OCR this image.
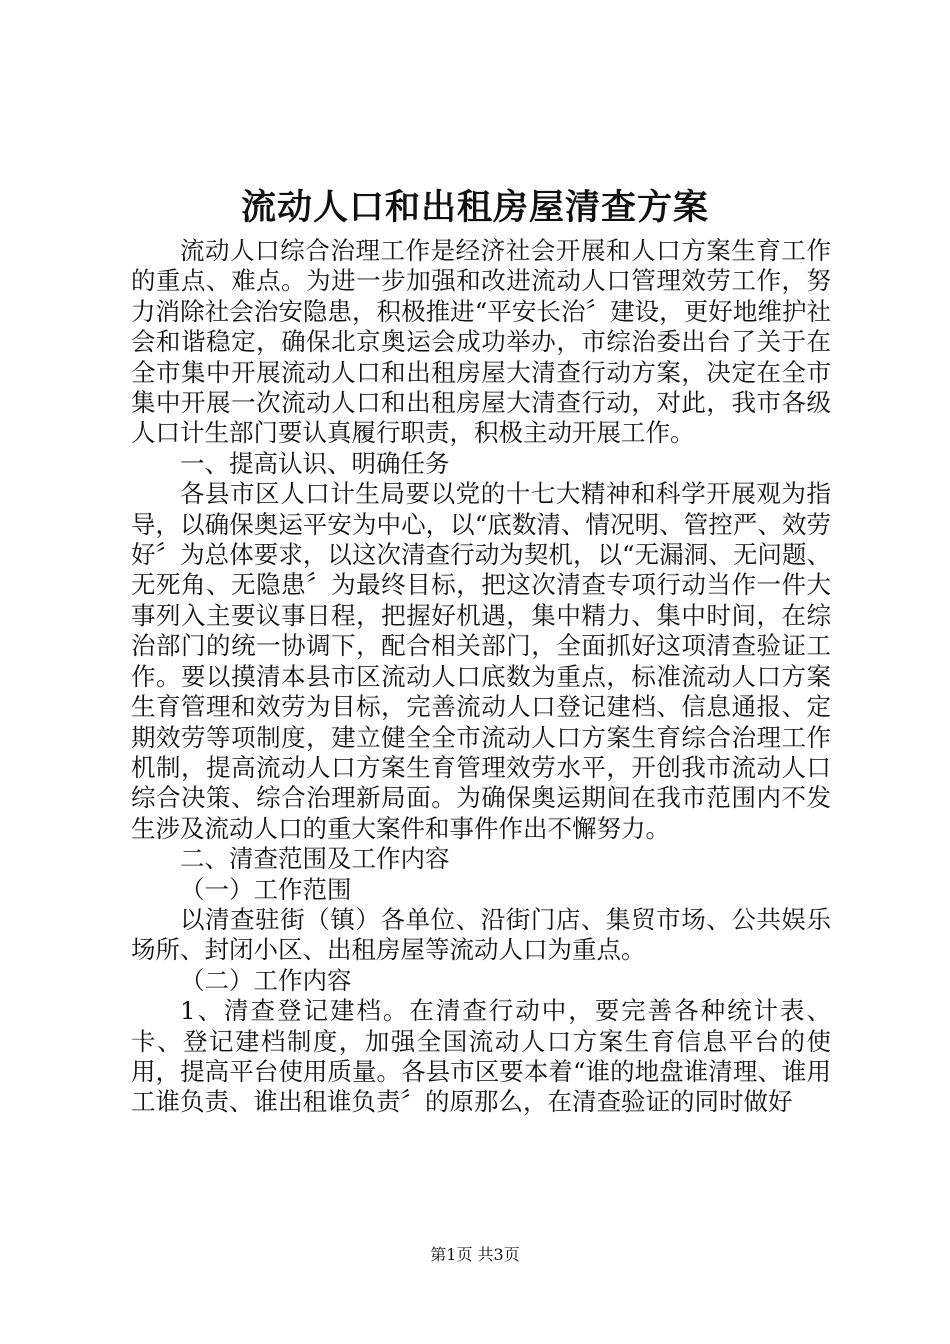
流动人口和出租房屋清查方案

流动人口综合治理工作是经济社会开展和人口方案生育工作的重点、难点。为进一步加强和改进流动人口管理效劳工作，努力消除社会治安隐患，积极推进“平安长治〞建设，更好地维护社会和谐稳定，确保北京奥运会成功举办，市综治委出台了关于在全市集中开展流动人口和出租房屋大清查行动方案，决定在全市集中开展一次流动人口和出租房屋大清查行动，对此，我市各级人口计生部门要认真履行职责，积极主动开展工作。

一、提高认识、明确任务

各县市区人口计生局要以党的十七大精神和科学开展观为指导，以确保奥运平安为中心，以“底数清、情况明、管控严、效劳好〞为总体要求，以这次清查行动为契机，以“无漏洞、无问题、无死角、无隐患〞为最终目标，把这次清查专项行动当作一件大事列入主要议事日程，把握好机遇，集中精力、集中时间，在综治部门的统一协调下，配合相关部门，全面抓好这项清查验证工作。要以摸清本县市区流动人口底数为重点，标准流动人口方案生育管理和效劳为目标，完善流动人口登记建档、信息通报、定期效劳等项制度，建立健全全市流动人口方案生育综合治理工作机制，提高流动人口方案生育管理效劳水平，开创我市流动人口综合决策、综合治理新局面。为确保奥运期间在我市范围内不发生涉及流动人口的重大案件和事件作出不懈努力。

二、清查范围及工作内容

（一）工作范围

以清查驻街（镇）各单位、沿街门店、集贸市场、公共娱乐场所、封闭小区、出租房屋等流动人口为重点。

（二）工作内容

1、清查登记建档。在清查行动中，要完善各种统计表、卡、登记建档制度，加强全国流动人口方案生育信息平台的使用，提高平台使用质量。各县市区要本着“谁的地盘谁清理、谁用工谁负责、谁出租谁负责〞的原那么，在清查验证的同时做好

第1页 共3页
